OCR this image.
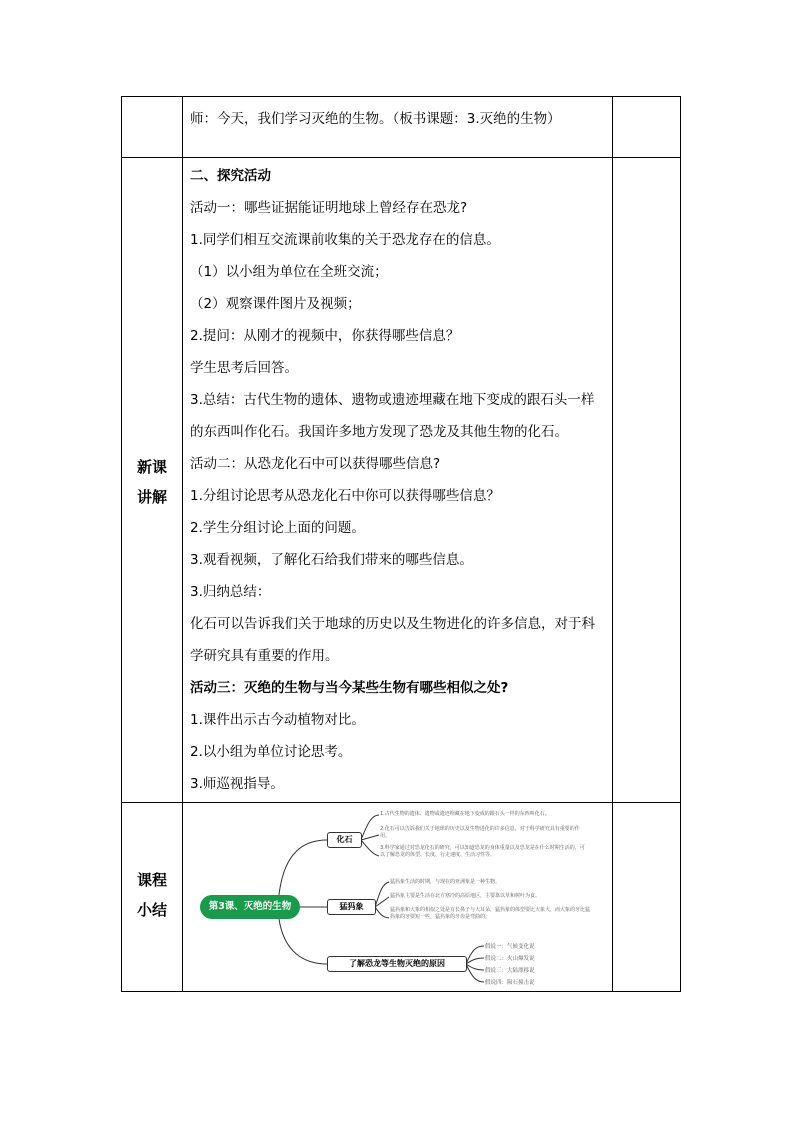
师：今天，我们学习灭绝的生物。（板书课题：3.灭绝的生物）
新课
讲解
二、探究活动
活动一：哪些证据能证明地球上曾经存在恐龙?
1.同学们相互交流课前收集的关于恐龙存在的信息。
（1）以小组为单位在全班交流；
（2）观察课件图片及视频；
2.提问：从刚才的视频中，你获得哪些信息？
学生思考后回答。
3.总结：古代生物的遗体、遗物或遗迹埋藏在地下变成的跟石头一样
的东西叫作化石。我国许多地方发现了恐龙及其他生物的化石。
活动二：从恐龙化石中可以获得哪些信息?
1.分组讨论思考从恐龙化石中你可以获得哪些信息？
2.学生分组讨论上面的问题。
3.观看视频，了解化石给我们带来的哪些信息。
3.归纳总结：
化石可以告诉我们关于地球的历史以及生物进化的许多信息，对于科
学研究具有重要的作用。
活动三：灭绝的生物与当今某些生物有哪些相似之处?
1.课件出示古今动植物对比。
2.以小组为单位讨论思考。
3.师巡视指导。
课程
小结	第3课、灭绝的生物
化石
1.古代生物的遗体、遗物或遗迹埋藏在地下变成的跟石头一样的东西叫化石。
2.化石可以告诉我们关于地球的历史以及生物进化的许多信息，对于科学研究具有重要的作用。
3.科学家通过对恐龙化石的研究，可以知道恐龙的身体重量以及恐龙是在什么时期生活的，可以了解恐龙的体型、长度、行走速度、生活习性等。
猛犸象
猛犸象生活的时期，与现在的亚洲象是一种生物。
猛犸象主要是生活在北方寒冷的高原地区，主要靠以草和树叶为食。
猛犸象和大象的相似之处是有长鼻子与大耳朵，猛犸象的体型要比大象大，而大象的牙比猛犸象的牙要短一些，猛犸象的牙齿是弯曲的。
了解恐龙等生物灭绝的原因
假说一：气候变化说
假说二：火山爆发说
假说三：大陆漂移说
假说四：陨石撞击说
